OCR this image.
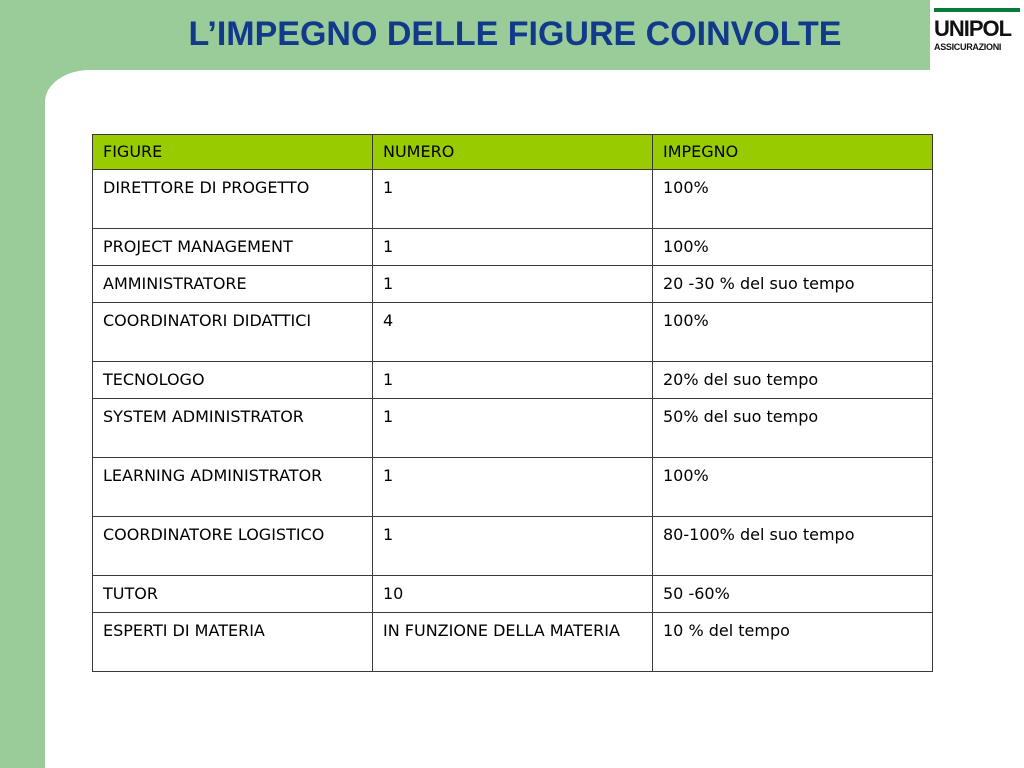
L’IMPEGNO DELLE FIGURE COINVOLTE	UNIPOL
ASSICURAZIONI
FIGURE	NUMERO	IMPEGNO
DIRETTORE DI PROGETTO	1	100%
PROJECT MANAGEMENT	1	100%
AMMINISTRATORE	1	20 -30 % del suo tempo
COORDINATORI DIDATTICI	4	100%
TECNOLOGO	1	20% del suo tempo
SYSTEM ADMINISTRATOR	1	50% del suo tempo
LEARNING ADMINISTRATOR	1	100%
COORDINATORE LOGISTICO	1	80-100% del suo tempo
TUTOR	10	50 -60%
ESPERTI DI MATERIA	IN FUNZIONE DELLA MATERIA	10 % del tempo
